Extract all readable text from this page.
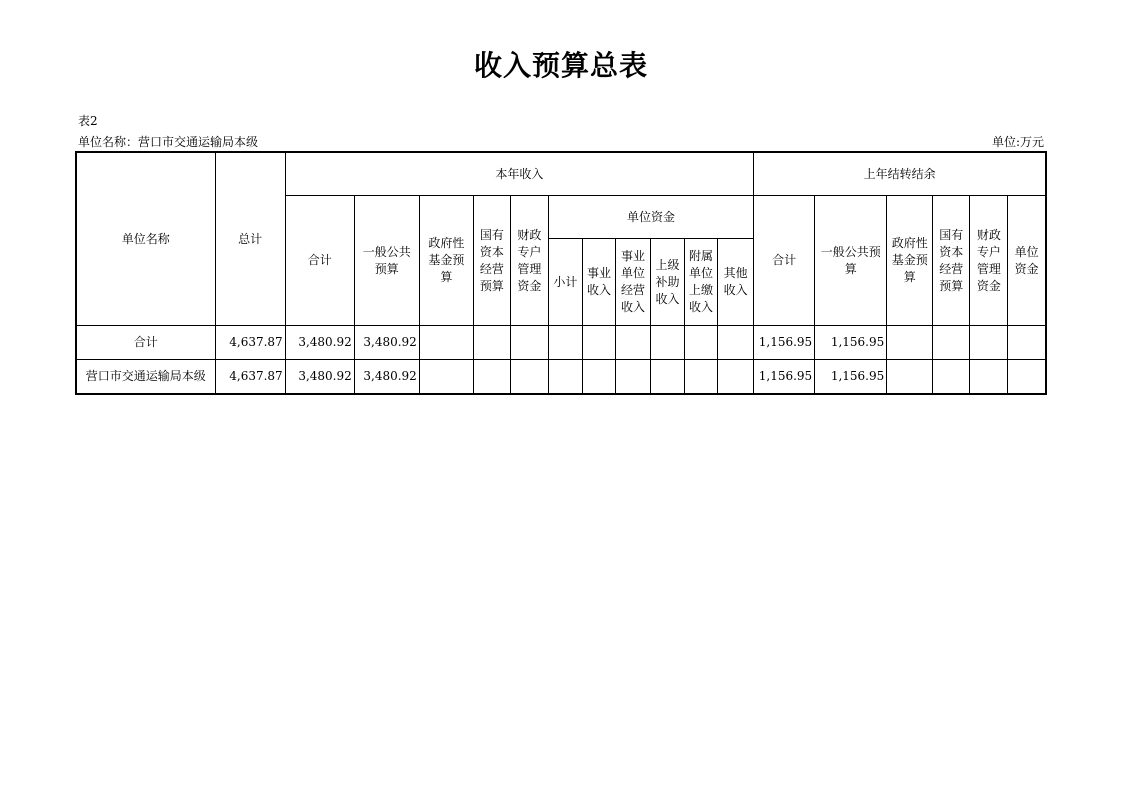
收入预算总表
表2
单位名称：营口市交通运输局本级	单位:万元
单位名称	总计	本年收入											上年结转结余					
		合计	一般公共预算	政府性基金预算	国有资本经营预算	财政专户管理资金	单位资金						合计	一般公共预算	政府性基金预算	国有资本经营预算	财政专户管理资金	单位资金
							小计	事业收入	事业单位经营收入	上级补助收入	附属单位上缴收入	其他收入						
合计	4,637.87	3,480.92	3,480.92										1,156.95	1,156.95				
营口市交通运输局本级	4,637.87	3,480.92	3,480.92										1,156.95	1,156.95				
